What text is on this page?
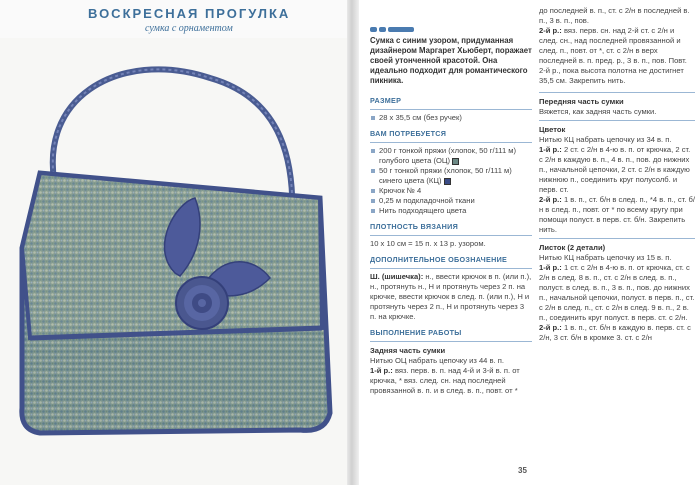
ВОСКРЕСНАЯ ПРОГУЛКА
сумка с орнаментом
Сумка с синим узором, придуманная дизайнером Маргарет Хьюберт, поражает своей утонченной красотой. Она идеально подходит для романтического пикника.
РАЗМЕР
28 х 35,5 см (без ручек)
ВАМ ПОТРЕБУЕТСЯ
200 г тонкой пряжи (хлопок, 50 г/111 м) голубого цвета (ОЦ)
50 г тонкой пряжи (хлопок, 50 г/111 м) синего цвета (КЦ)
Крючок № 4
0,25 м подкладочной ткани
Нить подходящего цвета
ПЛОТНОСТЬ ВЯЗАНИЯ
10 х 10 см = 15 п. х 13 р. узором.
ДОПОЛНИТЕЛЬНОЕ ОБОЗНАЧЕНИЕ
Ш. (шишечка): н., ввести крючок в п. (или п.), н., протянуть н., Н и протянуть через 2 п. на крючке, ввести крючок в след. п. (или п.), Н и протянуть через 2 п., Н и протянуть через 3 п. на крючке.
ВЫПОЛНЕНИЕ РАБОТЫ
Задняя часть сумки
Нитью ОЦ набрать цепочку из 44 в. п.
1-й р.: вяз. перв. в. п. над 4-й и 3-й в. п. от крючка, * вяз. след. сн. над последней провязанной в. п. и в след. в. п., повт. от *
до последней в. п., ст. с 2/н в последней в. п., 3 в. п., пов.
2-й р.: вяз. перв. сн. над 2-й ст. с 2/н и след. сн., над последней провязанной и след. п., повт. от *, ст. с 2/н в верх последней в. п. пред. р., 3 в. п., пов. Повт. 2-й р., пока высота полотна не достигнет 35,5 см. Закрепить нить.
Передняя часть сумки
Вяжется, как задняя часть сумки.
Цветок
Нитью КЦ набрать цепочку из 34 в. п.
1-й р.: 2 ст. с 2/н в 4-ю в. п. от крючка, 2 ст. с 2/н в каждую в. п., 4 в. п., пов. до нижних п., начальной цепочки, 2 ст. с 2/н в каждую нижнюю п., соединить круг полусолб. и перв. ст.
2-й р.: 1 в. п., ст. б/н в след. п., *4 в. п., ст. б/н в след. п., повт. от * по всему кругу при помощи полуст. в перв. ст. б/н. Закрепить нить.
Листок (2 детали)
Нитью КЦ набрать цепочку из 15 в. п.
1-й р.: 1 ст. с 2/н в 4-ю в. п. от крючка, ст. с 2/н в след. 8 в. п., ст. с 2/н в след. в. п., полуст. в след. в. п., 3 в. п., пов. до нижних п., начальной цепочки, полуст. в перв. п., ст. с 2/н в след. п., ст. с 2/н в след. 9 в. п., 2 в. п., соединить круг полуст. в перв. ст. с 2/н.
2-й р.: 1 в. п., ст. б/н в каждую в. перв. ст. с 2/н, 3 ст. б/н в кромке 3. ст. с 2/н
35
